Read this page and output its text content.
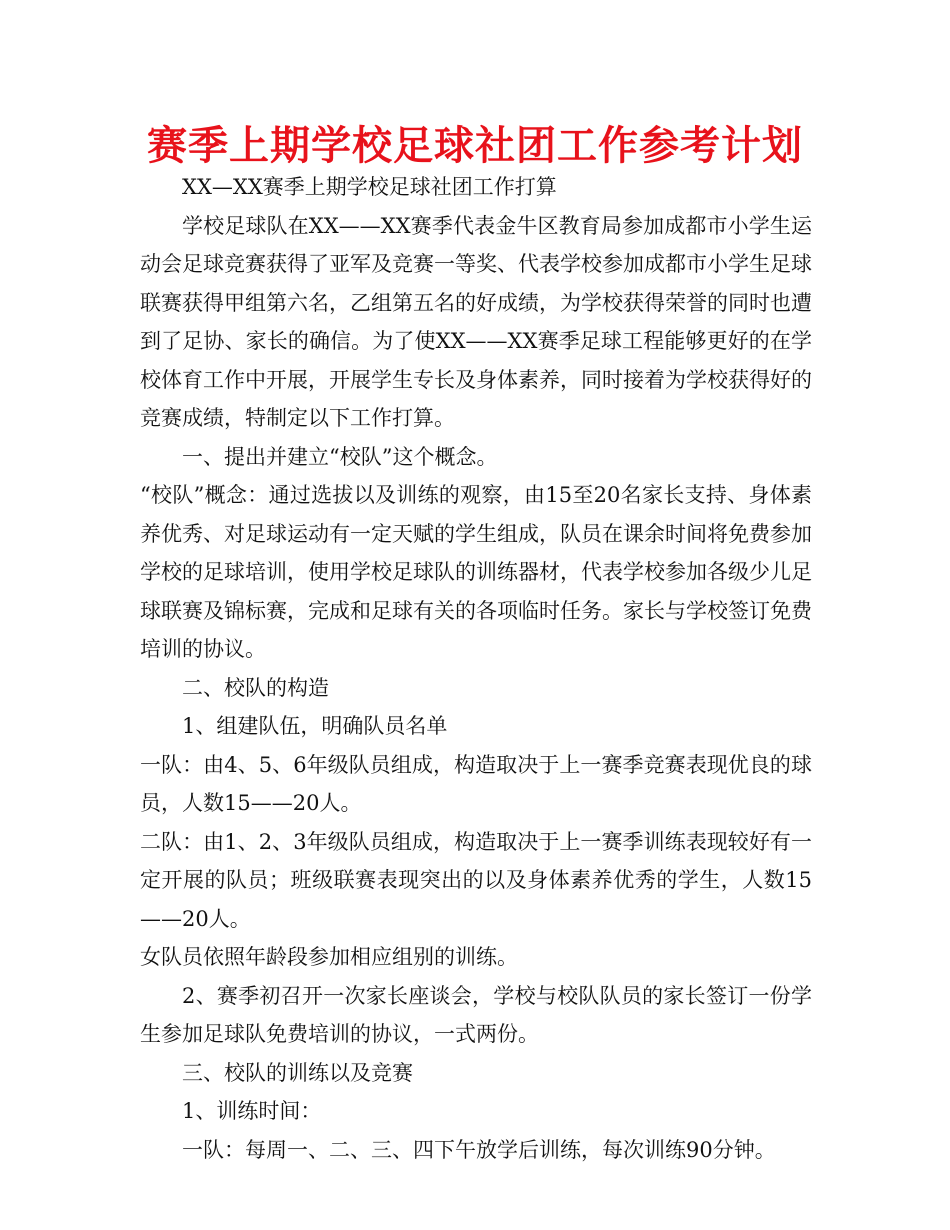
赛季上期学校足球社团工作参考计划

XX—XX赛季上期学校足球社团工作打算

学校足球队在XX——XX赛季代表金牛区教育局参加成都市小学生运动会足球竞赛获得了亚军及竞赛一等奖、代表学校参加成都市小学生足球联赛获得甲组第六名，乙组第五名的好成绩，为学校获得荣誉的同时也遭到了足协、家长的确信。为了使XX——XX赛季足球工程能够更好的在学校体育工作中开展，开展学生专长及身体素养，同时接着为学校获得好的竞赛成绩，特制定以下工作打算。

一、提出并建立“校队”这个概念。

“校队”概念：通过选拔以及训练的观察，由15至20名家长支持、身体素养优秀、对足球运动有一定天赋的学生组成，队员在课余时间将免费参加学校的足球培训，使用学校足球队的训练器材，代表学校参加各级少儿足球联赛及锦标赛，完成和足球有关的各项临时任务。家长与学校签订免费培训的协议。

二、校队的构造

1、组建队伍，明确队员名单

一队：由4、5、6年级队员组成，构造取决于上一赛季竞赛表现优良的球员，人数15——20人。

二队：由1、2、3年级队员组成，构造取决于上一赛季训练表现较好有一定开展的队员；班级联赛表现突出的以及身体素养优秀的学生，人数15——20人。

女队员依照年龄段参加相应组别的训练。

2、赛季初召开一次家长座谈会，学校与校队队员的家长签订一份学生参加足球队免费培训的协议，一式两份。

三、校队的训练以及竞赛

1、训练时间：

一队：每周一、二、三、四下午放学后训练，每次训练90分钟。
